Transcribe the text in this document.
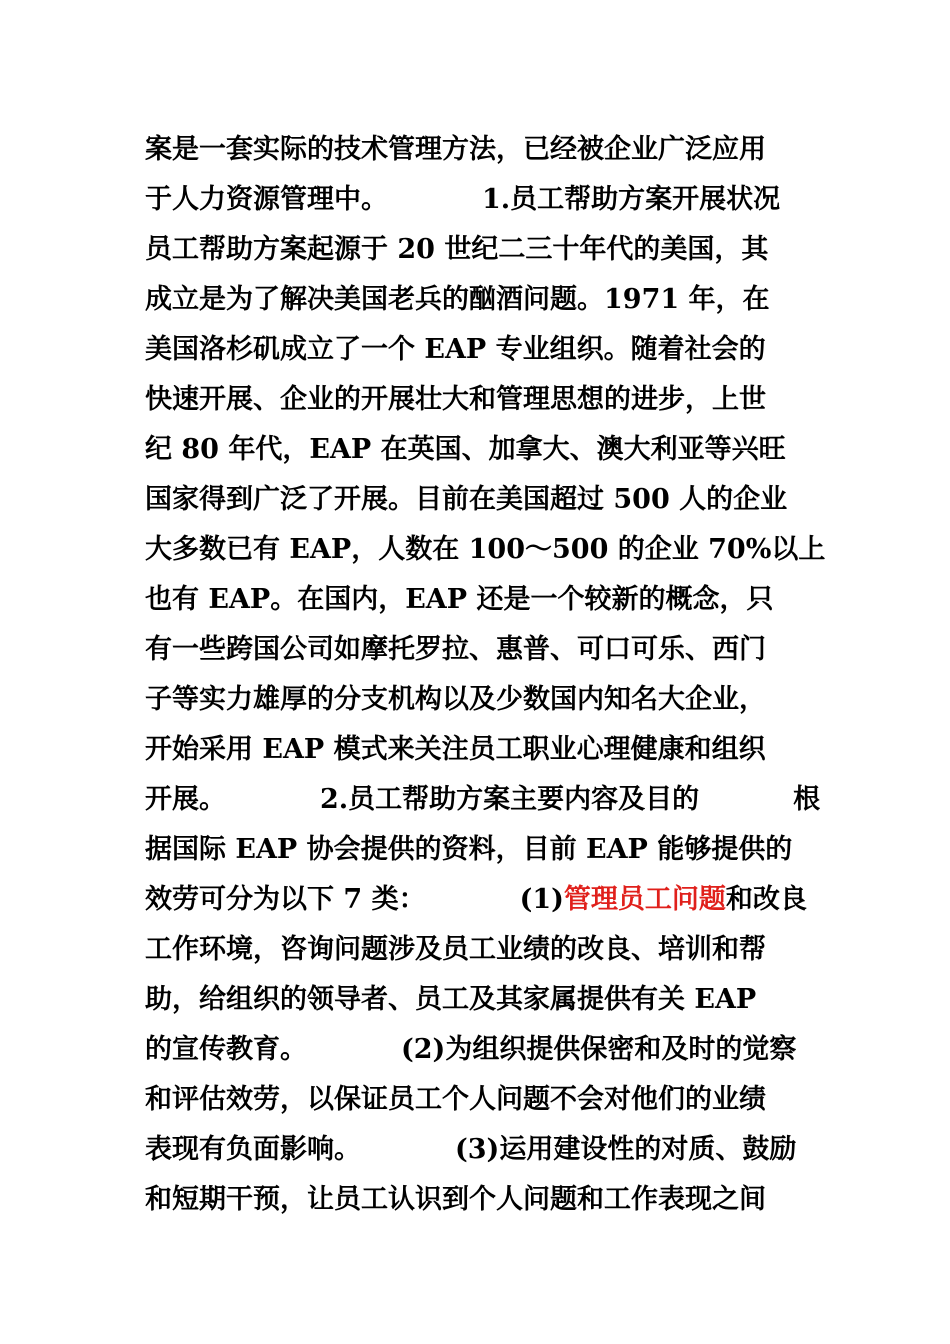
案是一套实际的技术管理方法，已经被企业广泛应用
于人力资源管理中。          1.员工帮助方案开展状况
员工帮助方案起源于 20 世纪二三十年代的美国，其
成立是为了解决美国老兵的酗酒问题。1971 年，在
美国洛杉矶成立了一个 EAP 专业组织。随着社会的
快速开展、企业的开展壮大和管理思想的进步，上世
纪 80 年代，EAP 在英国、加拿大、澳大利亚等兴旺
国家得到广泛了开展。目前在美国超过 500 人的企业
大多数已有 EAP，人数在 100～500 的企业 70%以上
也有 EAP。在国内，EAP 还是一个较新的概念，只
有一些跨国公司如摩托罗拉、惠普、可口可乐、西门
子等实力雄厚的分支机构以及少数国内知名大企业，
开始采用 EAP 模式来关注员工职业心理健康和组织
开展。          2.员工帮助方案主要内容及目的          根
据国际 EAP 协会提供的资料，目前 EAP 能够提供的
效劳可分为以下 7 类：          (1)管理员工问题和改良
工作环境，咨询问题涉及员工业绩的改良、培训和帮
助，给组织的领导者、员工及其家属提供有关 EAP
的宣传教育。          (2)为组织提供保密和及时的觉察
和评估效劳，以保证员工个人问题不会对他们的业绩
表现有负面影响。          (3)运用建设性的对质、鼓励
和短期干预，让员工认识到个人问题和工作表现之间
